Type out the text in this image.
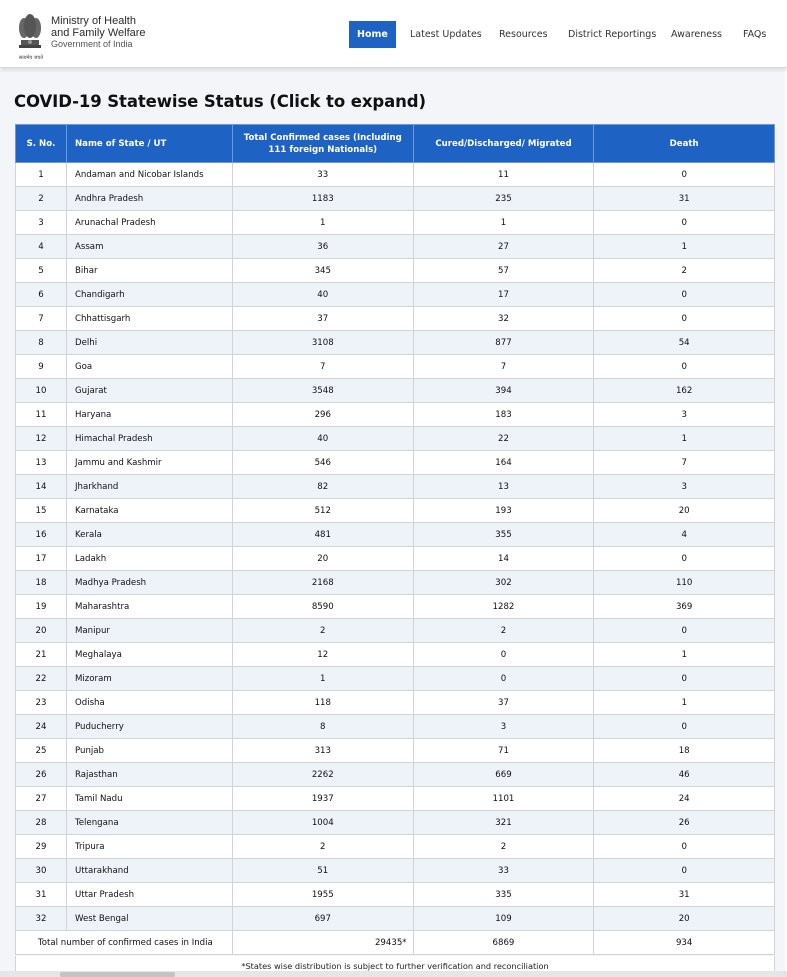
सत्यमेव जयते
Ministry of Health
and Family Welfare
Government of India
Home	Latest Updates Resources District Reportings Awareness FAQs
COVID-19 Statewise Status (Click to expand)
S. No.	Name of State / UT	Total Confirmed cases (Including 111 foreign Nationals)	Cured/Discharged/ Migrated	Death
1	Andaman and Nicobar Islands	33	11	0
2	Andhra Pradesh	1183	235	31
3	Arunachal Pradesh	1	1	0
4	Assam	36	27	1
5	Bihar	345	57	2
6	Chandigarh	40	17	0
7	Chhattisgarh	37	32	0
8	Delhi	3108	877	54
9	Goa	7	7	0
10	Gujarat	3548	394	162
11	Haryana	296	183	3
12	Himachal Pradesh	40	22	1
13	Jammu and Kashmir	546	164	7
14	Jharkhand	82	13	3
15	Karnataka	512	193	20
16	Kerala	481	355	4
17	Ladakh	20	14	0
18	Madhya Pradesh	2168	302	110
19	Maharashtra	8590	1282	369
20	Manipur	2	2	0
21	Meghalaya	12	0	1
22	Mizoram	1	0	0
23	Odisha	118	37	1
24	Puducherry	8	3	0
25	Punjab	313	71	18
26	Rajasthan	2262	669	46
27	Tamil Nadu	1937	1101	24
28	Telengana	1004	321	26
29	Tripura	2	2	0
30	Uttarakhand	51	33	0
31	Uttar Pradesh	1955	335	31
32	West Bengal	697	109	20
Total number of confirmed cases in India		29435*	6869	934
*States wise distribution is subject to further verification and reconciliation
